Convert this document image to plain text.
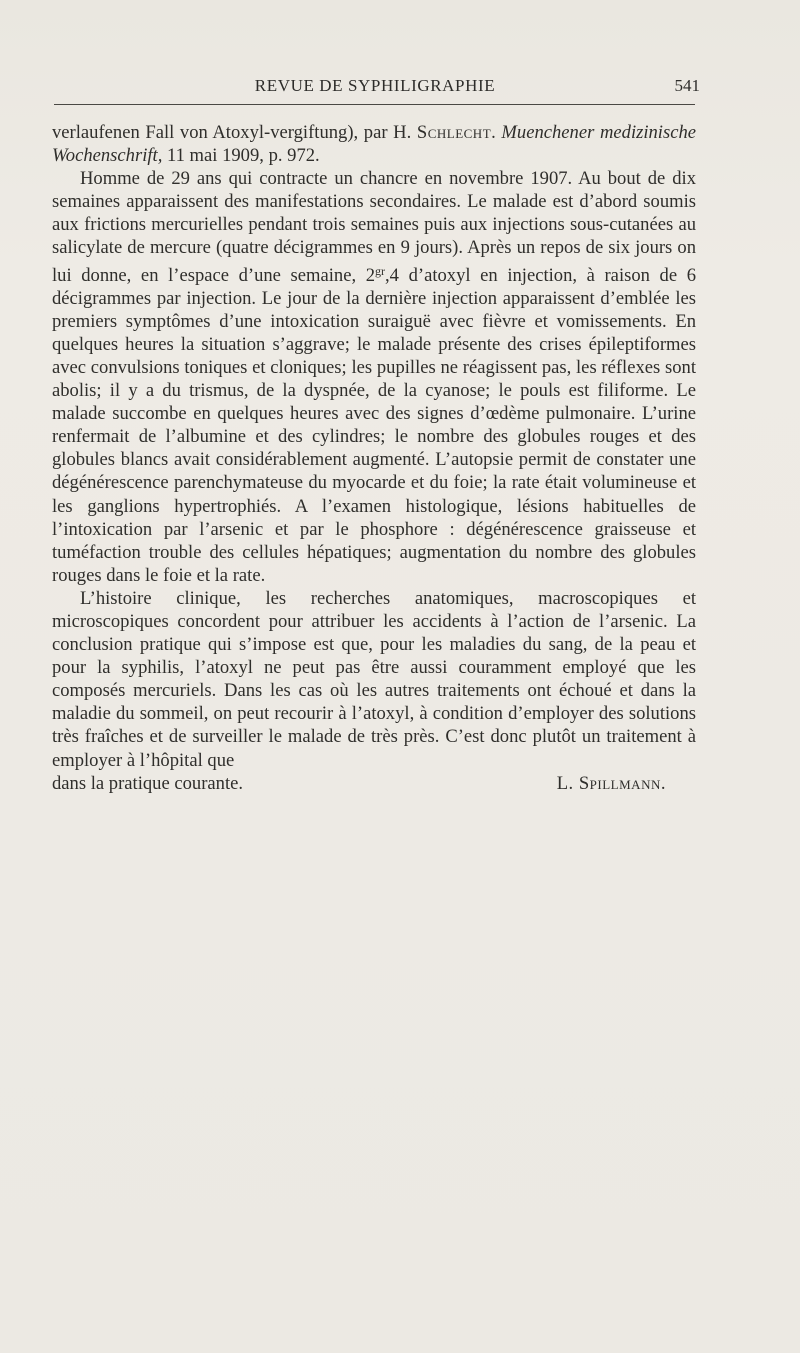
REVUE DE SYPHILIGRAPHIE	541

verlaufenen Fall von Atoxyl-vergiftung), par H. Schlecht. Muenchener medizinische Wochenschrift, 11 mai 1909, p. 972.

Homme de 29 ans qui contracte un chancre en novembre 1907. Au bout de dix semaines apparaissent des manifestations secondaires. Le malade est d’abord soumis aux frictions mercurielles pendant trois semaines puis aux injections sous-cutanées au salicylate de mercure (quatre décigrammes en 9 jours). Après un repos de six jours on lui donne, en l’espace d’une semaine, $2^{gr},4$ d’atoxyl en injection, à raison de 6 décigrammes par injection. Le jour de la dernière injection apparaissent d’emblée les premiers symptômes d’une intoxication suraiguë avec fièvre et vomissements. En quelques heures la situation s’aggrave; le malade présente des crises épileptiformes avec convulsions toniques et cloniques; les pupilles ne réagissent pas, les réflexes sont abolis; il y a du trismus, de la dyspnée, de la cyanose; le pouls est filiforme. Le malade succombe en quelques heures avec des signes d’œdème pulmonaire. L’urine renfermait de l’albumine et des cylindres; le nombre des globules rouges et des globules blancs avait considérablement augmenté. L’autopsie permit de constater une dégénérescence parenchymateuse du myocarde et du foie; la rate était volumineuse et les ganglions hypertrophiés. A l’examen histologique, lésions habituelles de l’intoxication par l’arsenic et par le phosphore : dégénérescence graisseuse et tuméfaction trouble des cellules hépatiques; augmentation du nombre des globules rouges dans le foie et la rate.

L’histoire clinique, les recherches anatomiques, macroscopiques et microscopiques concordent pour attribuer les accidents à l’action de l’arsenic. La conclusion pratique qui s’impose est que, pour les maladies du sang, de la peau et pour la syphilis, l’atoxyl ne peut pas être aussi couramment employé que les composés mercuriels. Dans les cas où les autres traitements ont échoué et dans la maladie du sommeil, on peut recourir à l’atoxyl, à condition d’employer des solutions très fraîches et de surveiller le malade de très près. C’est donc plutôt un traitement à employer à l’hôpital que

dans la pratique courante.	L. Spillmann.
